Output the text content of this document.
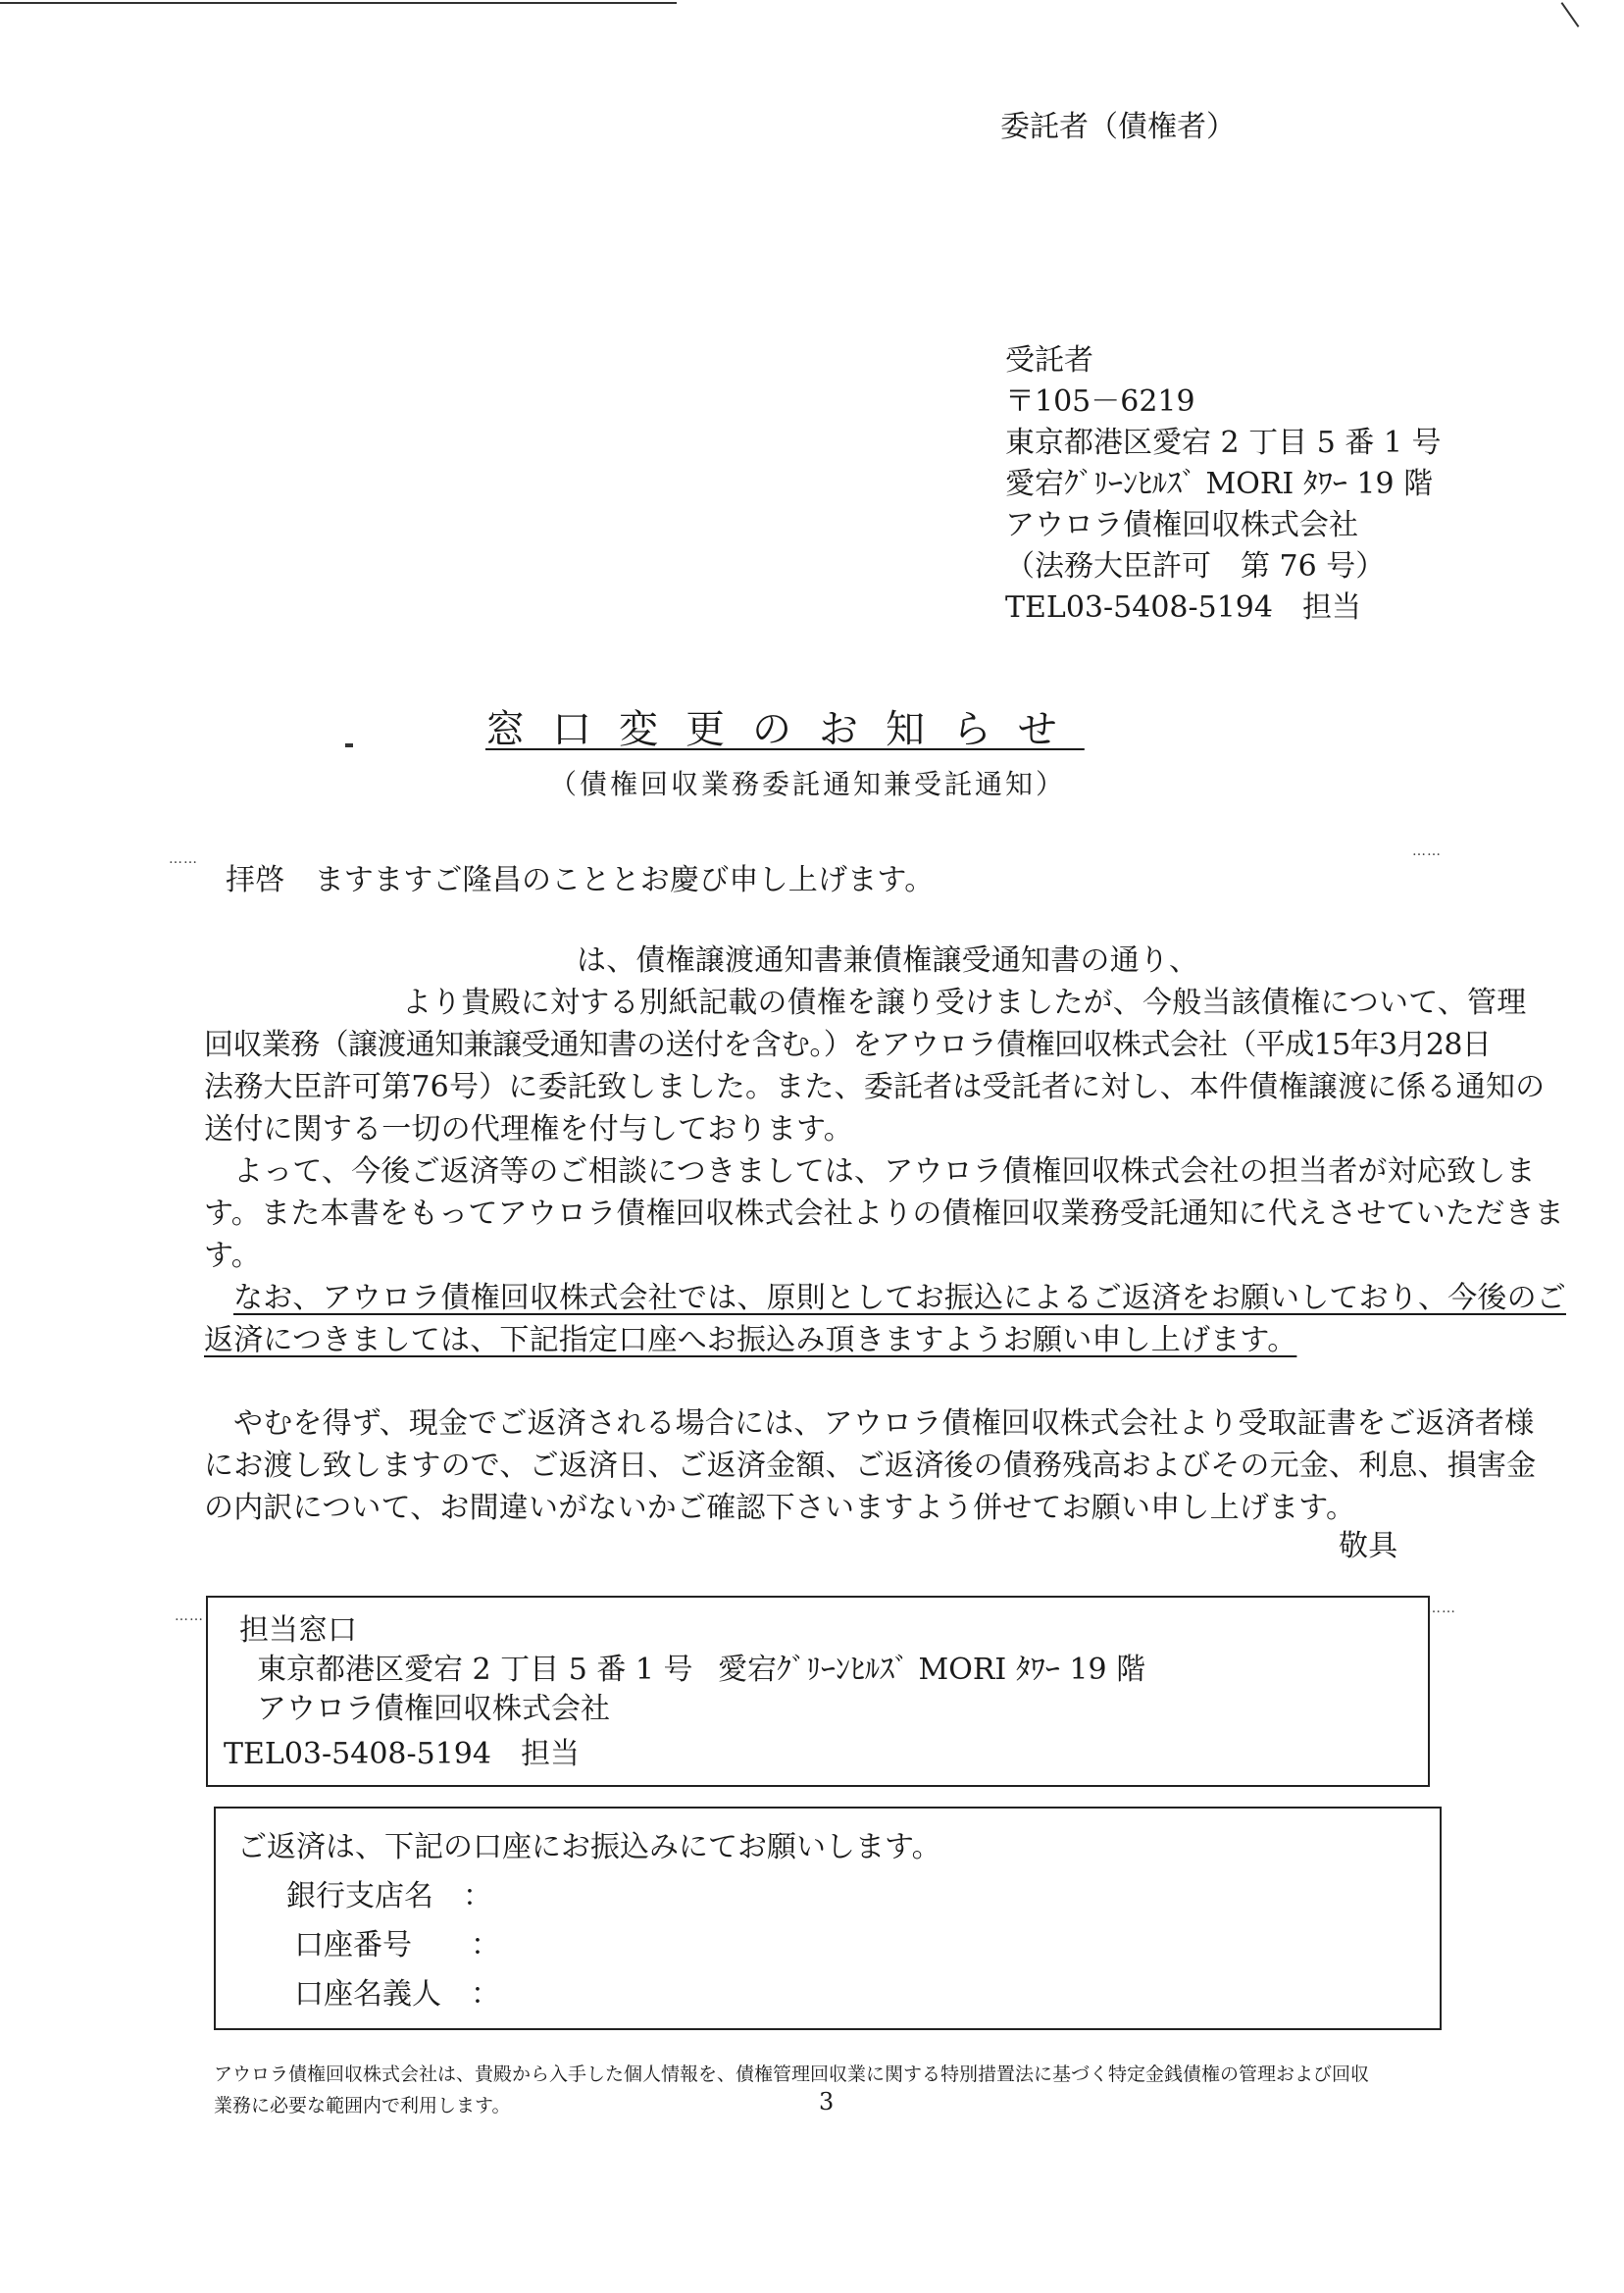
……	……
……	……
委託者（債権者）
受託者
〒105－6219
東京都港区愛宕 2 丁目 5 番 1 号
愛宕ｸﾞﾘｰﾝﾋﾙｽﾞ MORI ﾀﾜｰ 19 階
アウロラ債権回収株式会社
（法務大臣許可　第 76 号）
TEL03-5408-5194　担当
窓口変更のお知らせ
（債権回収業務委託通知兼受託通知）
拝啓　ますますご隆昌のこととお慶び申し上げます。
は、債権譲渡通知書兼債権譲受通知書の通り、
より貴殿に対する別紙記載の債権を譲り受けましたが、今般当該債権について、管理
回収業務（譲渡通知兼譲受通知書の送付を含む。）をアウロラ債権回収株式会社（平成15年3月28日
法務大臣許可第76号）に委託致しました。また、委託者は受託者に対し、本件債権譲渡に係る通知の
送付に関する一切の代理権を付与しております。
よって、今後ご返済等のご相談につきましては、アウロラ債権回収株式会社の担当者が対応致しま
す。また本書をもってアウロラ債権回収株式会社よりの債権回収業務受託通知に代えさせていただきま
す。
なお、アウロラ債権回収株式会社では、原則としてお振込によるご返済をお願いしており、今後のご
返済につきましては、下記指定口座へお振込み頂きますようお願い申し上げます。
やむを得ず、現金でご返済される場合には、アウロラ債権回収株式会社より受取証書をご返済者様
にお渡し致しますので、ご返済日、ご返済金額、ご返済後の債務残高およびその元金、利息、損害金
の内訳について、お間違いがないかご確認下さいますよう併せてお願い申し上げます。
敬具
担当窓口
東京都港区愛宕 2 丁目 5 番 1 号 愛宕ｸﾞﾘｰﾝﾋﾙｽﾞ MORI ﾀﾜｰ 19 階
アウロラ債権回収株式会社
TEL03-5408-5194　担当
ご返済は、下記の口座にお振込みにてお願いします。
銀行支店名　：
口座番号　　：
口座名義人　：
アウロラ債権回収株式会社は、貴殿から入手した個人情報を、債権管理回収業に関する特別措置法に基づく特定金銭債権の管理および回収
業務に必要な範囲内で利用します。	3
